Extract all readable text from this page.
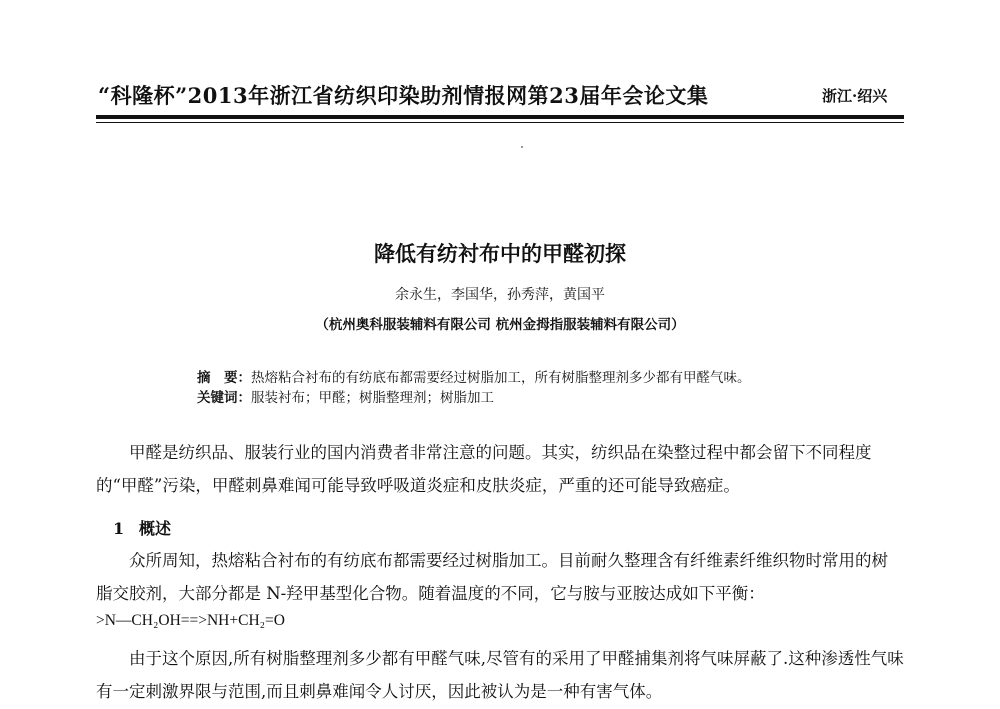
“科隆杯”2013年浙江省纺织印染助剂情报网第23届年会论文集	浙江·绍兴
降低有纺衬布中的甲醛初探
余永生，李国华，孙秀萍，黄国平
（杭州奥科服装辅料有限公司 杭州金拇指服装辅料有限公司）
摘　要：热熔粘合衬布的有纺底布都需要经过树脂加工，所有树脂整理剂多少都有甲醛气味。
关键词：服装衬布；甲醛；树脂整理剂；树脂加工
甲醛是纺织品、服装行业的国内消费者非常注意的问题。其实，纺织品在染整过程中都会留下不同程度的“甲醛”污染，甲醛刺鼻难闻可能导致呼吸道炎症和皮肤炎症，严重的还可能导致癌症。
1 概述
众所周知，热熔粘合衬布的有纺底布都需要经过树脂加工。目前耐久整理含有纤维素纤维织物时常用的树脂交胶剂，大部分都是 N-羟甲基型化合物。随着温度的不同，它与胺与亚胺达成如下平衡：
>N—CH₂OH==>NH+CH₂=O
由于这个原因,所有树脂整理剂多少都有甲醛气味,尽管有的采用了甲醛捕集剂将气味屏蔽了.这种渗透性气味有一定刺激界限与范围,而且刺鼻难闻令人讨厌，因此被认为是一种有害气体。
